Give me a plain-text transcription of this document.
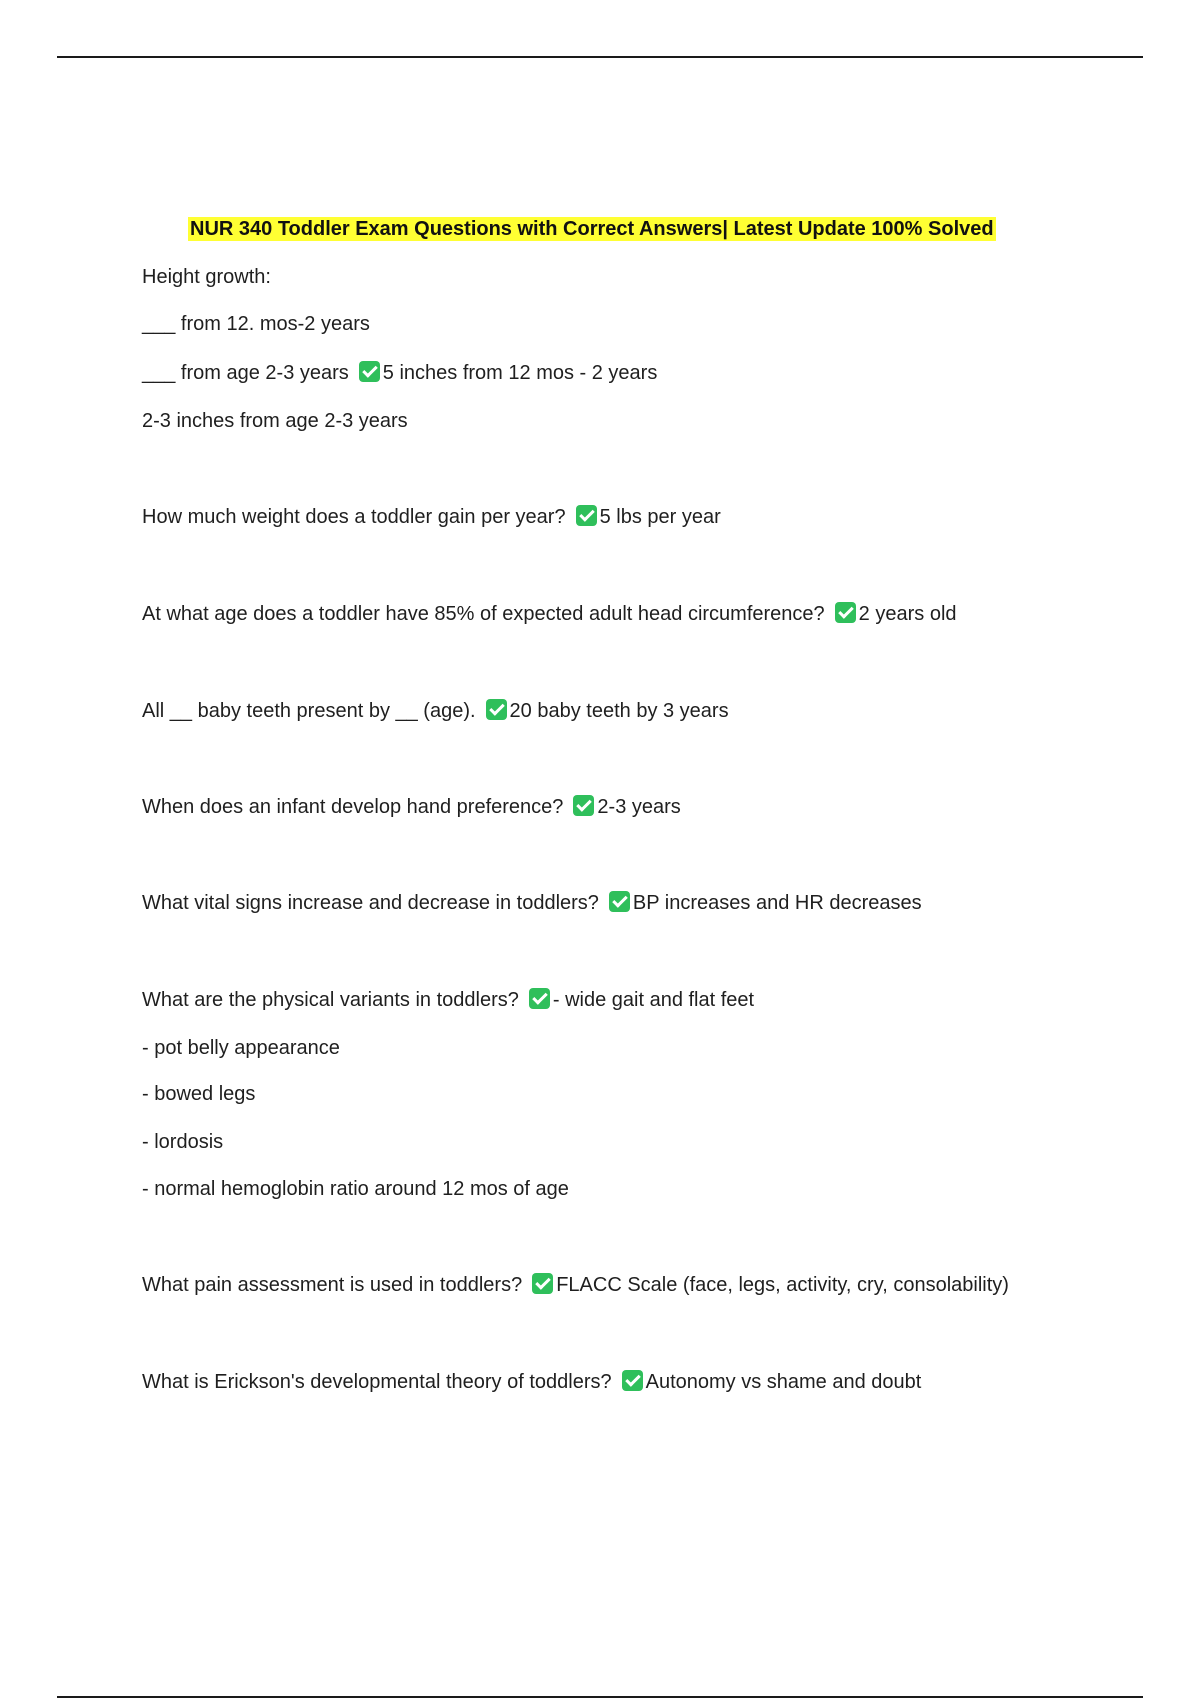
NUR 340 Toddler Exam Questions with Correct Answers| Latest Update 100% Solved
Height growth:
___ from 12. mos-2 years
___ from age 2-3 years 5 inches from 12 mos - 2 years
2-3 inches from age 2-3 years
How much weight does a toddler gain per year? 5 lbs per year
At what age does a toddler have 85% of expected adult head circumference? 2 years old
All __ baby teeth present by __ (age). 20 baby teeth by 3 years
When does an infant develop hand preference? 2-3 years
What vital signs increase and decrease in toddlers? BP increases and HR decreases
What are the physical variants in toddlers? - wide gait and flat feet
- pot belly appearance
- bowed legs
- lordosis
- normal hemoglobin ratio around 12 mos of age
What pain assessment is used in toddlers? FLACC Scale (face, legs, activity, cry, consolability)
What is Erickson's developmental theory of toddlers? Autonomy vs shame and doubt
